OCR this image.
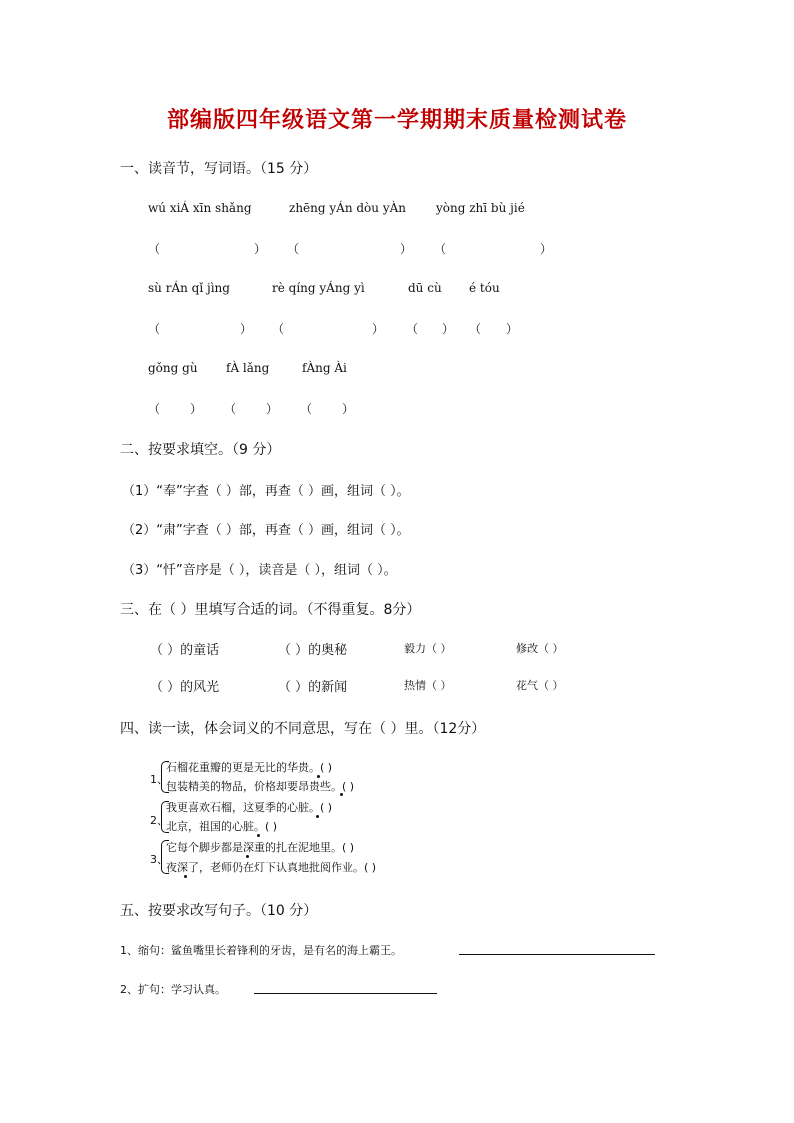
部编版四年级语文第一学期期末质量检测试卷
一、读音节，写词语。（15 分）
wú xiÁ xīn shǎng	zhēng yÁn dòu yÀn	yòng zhī bù jié
（	） （	） （	）
sù rÁn qǐ jìng	rè qíng yÁng yì	dū cù é tóu
（	） （	） （ ） （ ）
gǒng gù fÀ lǎng	fÀng Ài
（ ） （ ） （ ）
二、按要求填空。（9 分）
（1）“奉”字查（ ）部，再查（ ）画，组词（ ）。
（2）“肃”字查（ ）部，再查（ ）画，组词（ ）。
（3）“忏”音序是（ ），读音是（ ），组词（ ）。
三、在（ ）里填写合适的词。（不得重复。8分）
（ ）的童话	（ ）的奥秘	毅力（ ）	修改（ ）
（ ）的风光	（ ）的新闻	热情（ ）	花气（ ）
四、读一读，体会词义的不同意思，写在（ ）里。（12分）
1、
石榴花重瓣的更是无比的华贵。( )
包装精美的物品，价格却要昂贵些。( )
2、
我更喜欢石榴，这夏季的心脏。( )
北京，祖国的心脏。( )
3、
它每个脚步都是深重的扎在泥地里。( )
夜深了，老师仍在灯下认真地批阅作业。( )
五、按要求改写句子。（10 分）
1、缩句：鲨鱼嘴里长着锋利的牙齿，是有名的海上霸王。
2、扩句：学习认真。
